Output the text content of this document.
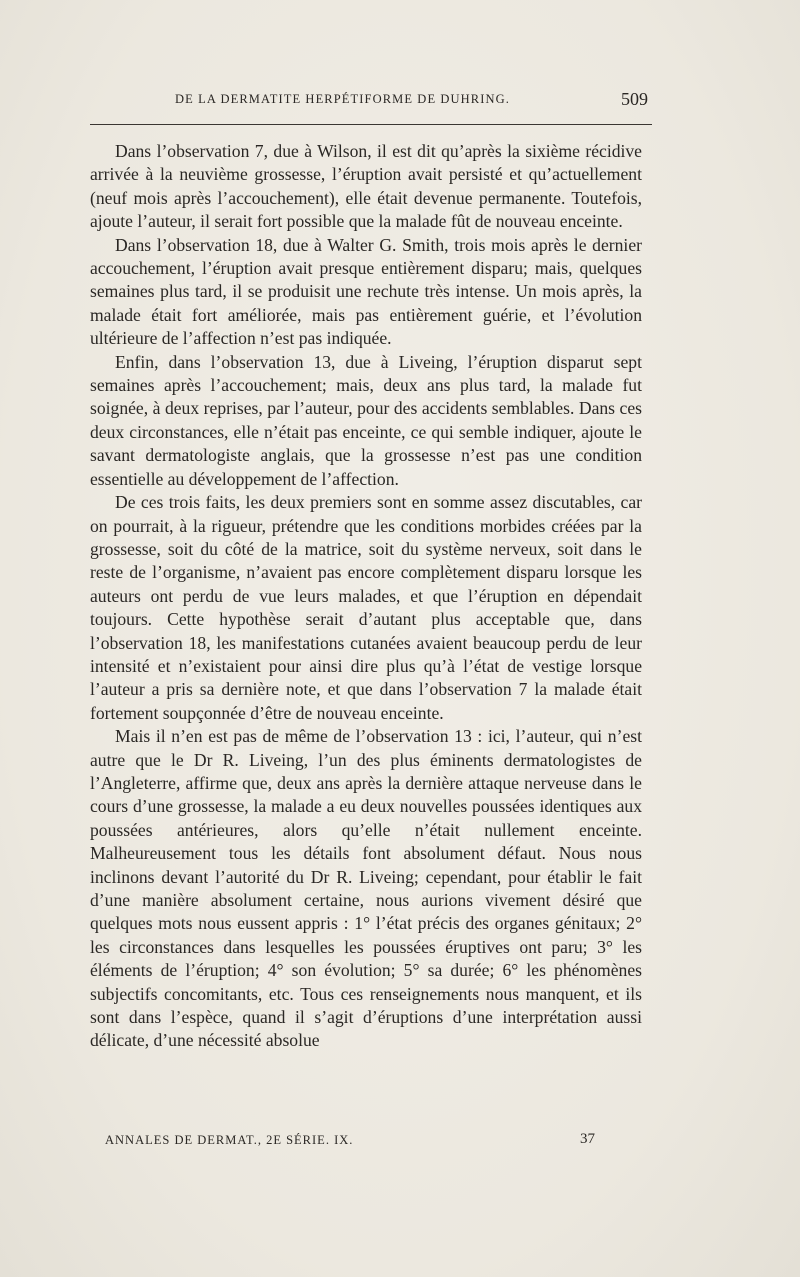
DE LA DERMATITE HERPÉTIFORME DE DUHRING.	509

Dans l’observation 7, due à Wilson, il est dit qu’après la sixième récidive arrivée à la neuvième grossesse, l’éruption avait persisté et qu’actuellement (neuf mois après l’accouchement), elle était devenue permanente. Toutefois, ajoute l’auteur, il serait fort possible que la malade fût de nouveau enceinte.

Dans l’observation 18, due à Walter G. Smith, trois mois après le dernier accouchement, l’éruption avait presque entièrement disparu; mais, quelques semaines plus tard, il se produisit une rechute très intense. Un mois après, la malade était fort améliorée, mais pas entièrement guérie, et l’évolution ultérieure de l’affection n’est pas indiquée.

Enfin, dans l’observation 13, due à Liveing, l’éruption disparut sept semaines après l’accouchement; mais, deux ans plus tard, la malade fut soignée, à deux reprises, par l’auteur, pour des accidents semblables. Dans ces deux circonstances, elle n’était pas enceinte, ce qui semble indiquer, ajoute le savant dermatologiste anglais, que la grossesse n’est pas une condition essentielle au développement de l’affection.

De ces trois faits, les deux premiers sont en somme assez discutables, car on pourrait, à la rigueur, prétendre que les conditions morbides créées par la grossesse, soit du côté de la matrice, soit du système nerveux, soit dans le reste de l’organisme, n’avaient pas encore complètement disparu lorsque les auteurs ont perdu de vue leurs malades, et que l’éruption en dépendait toujours. Cette hypothèse serait d’autant plus acceptable que, dans l’observation 18, les manifestations cutanées avaient beaucoup perdu de leur intensité et n’existaient pour ainsi dire plus qu’à l’état de vestige lorsque l’auteur a pris sa dernière note, et que dans l’observation 7 la malade était fortement soupçonnée d’être de nouveau enceinte.

Mais il n’en est pas de même de l’observation 13 : ici, l’auteur, qui n’est autre que le Dr R. Liveing, l’un des plus éminents dermatologistes de l’Angleterre, affirme que, deux ans après la dernière attaque nerveuse dans le cours d’une grossesse, la malade a eu deux nouvelles poussées identiques aux poussées antérieures, alors qu’elle n’était nullement enceinte. Malheureusement tous les détails font absolument défaut. Nous nous inclinons devant l’autorité du Dr R. Liveing; cependant, pour établir le fait d’une manière absolument certaine, nous aurions vivement désiré que quelques mots nous eussent appris : 1° l’état précis des organes génitaux; 2° les circonstances dans lesquelles les poussées éruptives ont paru; 3° les éléments de l’éruption; 4° son évolution; 5° sa durée; 6° les phénomènes subjectifs concomitants, etc. Tous ces renseignements nous manquent, et ils sont dans l’espèce, quand il s’agit d’éruptions d’une interprétation aussi délicate, d’une nécessité absolue

ANNALES DE DERMAT., 2E SÉRIE. IX.	37
